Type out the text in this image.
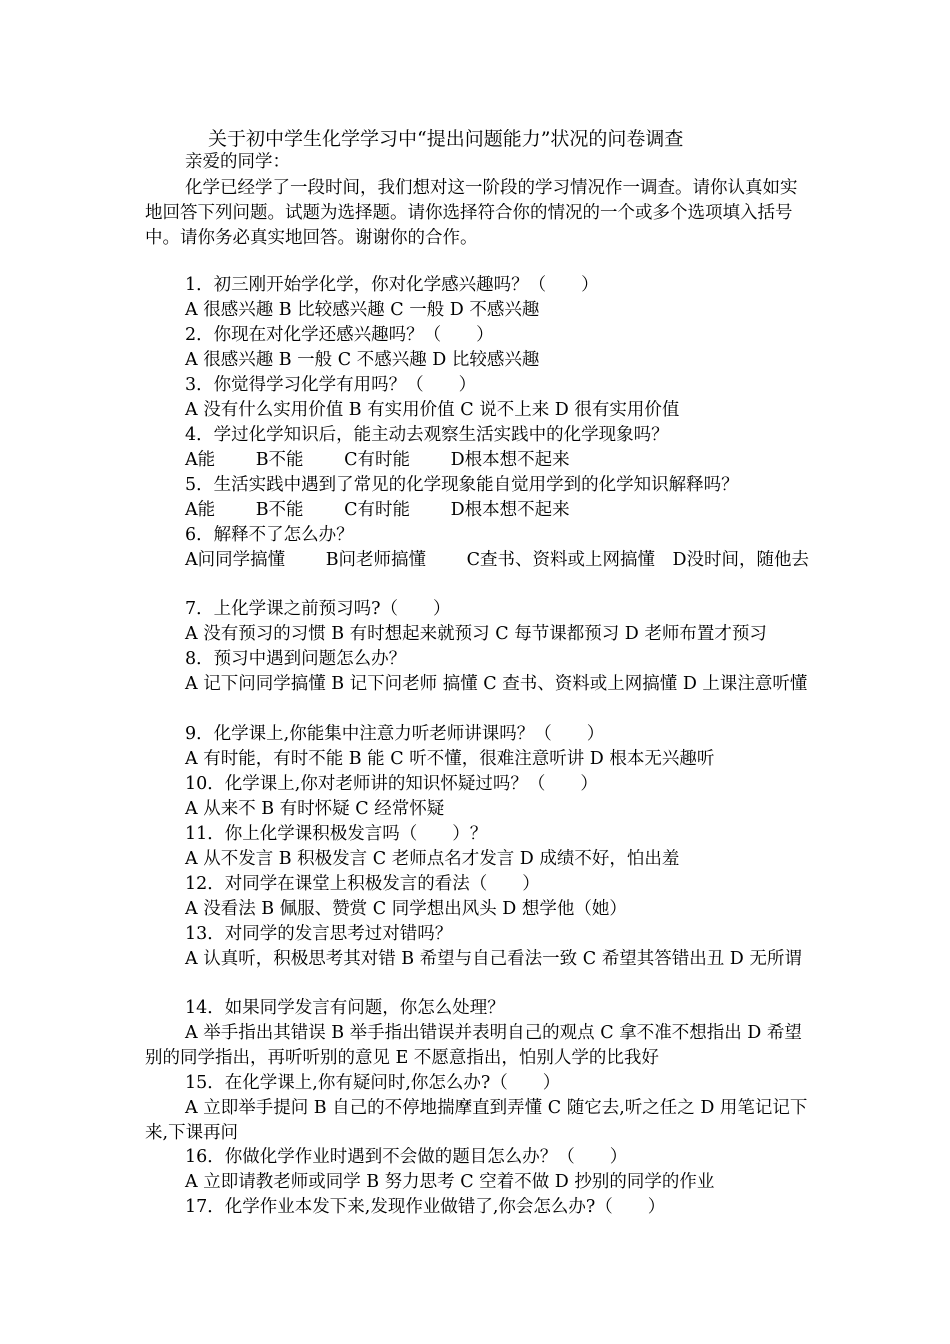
关于初中学生化学学习中“提出问题能力”状况的问卷调查
亲爱的同学：
化学已经学了一段时间，我们想对这一阶段的学习情况作一调查。请你认真如实地回答下列问题。试题为选择题。请你选择符合你的情况的一个或多个选项填入括号中。请你务必真实地回答。谢谢你的合作。
1．初三刚开始学化学，你对化学感兴趣吗？（　　）
A 很感兴趣 B 比较感兴趣 C 一般 D 不感兴趣
2．你现在对化学还感兴趣吗？（　　）
A 很感兴趣 B 一般 C 不感兴趣 D 比较感兴趣
3．你觉得学习化学有用吗？（　　）
A 没有什么实用价值 B 有实用价值 C 说不上来 D 很有实用价值
4．学过化学知识后，能主动去观察生活实践中的化学现象吗？
A能　　 B不能　　 C有时能　　 D根本想不起来
5．生活实践中遇到了常见的化学现象能自觉用学到的化学知识解释吗？
A能　　 B不能　　 C有时能　　 D根本想不起来
6．解释不了怎么办？
A问同学搞懂　　 B问老师搞懂　　 C查书、资料或上网搞懂　D没时间，随他去
7．上化学课之前预习吗?（　　）
A 没有预习的习惯 B 有时想起来就预习 C 每节课都预习 D 老师布置才预习
8．预习中遇到问题怎么办？
A 记下问同学搞懂 B 记下问老师 搞懂 C 查书、资料或上网搞懂 D 上课注意听懂
9．化学课上,你能集中注意力听老师讲课吗？（　　）
A 有时能，有时不能 B 能 C 听不懂，很难注意听讲 D 根本无兴趣听
10．化学课上,你对老师讲的知识怀疑过吗？（　　）
A 从来不 B 有时怀疑 C 经常怀疑
11．你上化学课积极发言吗（　　）？
A 从不发言 B 积极发言 C 老师点名才发言 D 成绩不好，怕出羞
12．对同学在课堂上积极发言的看法（　　）
A 没看法 B 佩服、赞赏 C 同学想出风头 D 想学他（她）
13．对同学的发言思考过对错吗？
A 认真听，积极思考其对错 B 希望与自己看法一致 C 希望其答错出丑 D 无所谓
14．如果同学发言有问题，你怎么处理？
A 举手指出其错误 B 举手指出错误并表明自己的观点 C 拿不准不想指出 D 希望别的同学指出，再听听别的意见 E 不愿意指出，怕别人学的比我好
15．在化学课上,你有疑问时,你怎么办?（　　）
A 立即举手提问 B 自己的不停地揣摩直到弄懂 C 随它去,听之任之 D 用笔记记下来,下课再问
16．你做化学作业时遇到不会做的题目怎么办？（　　）
A 立即请教老师或同学 B 努力思考 C 空着不做 D 抄别的同学的作业
17．化学作业本发下来,发现作业做错了,你会怎么办?（　　）
